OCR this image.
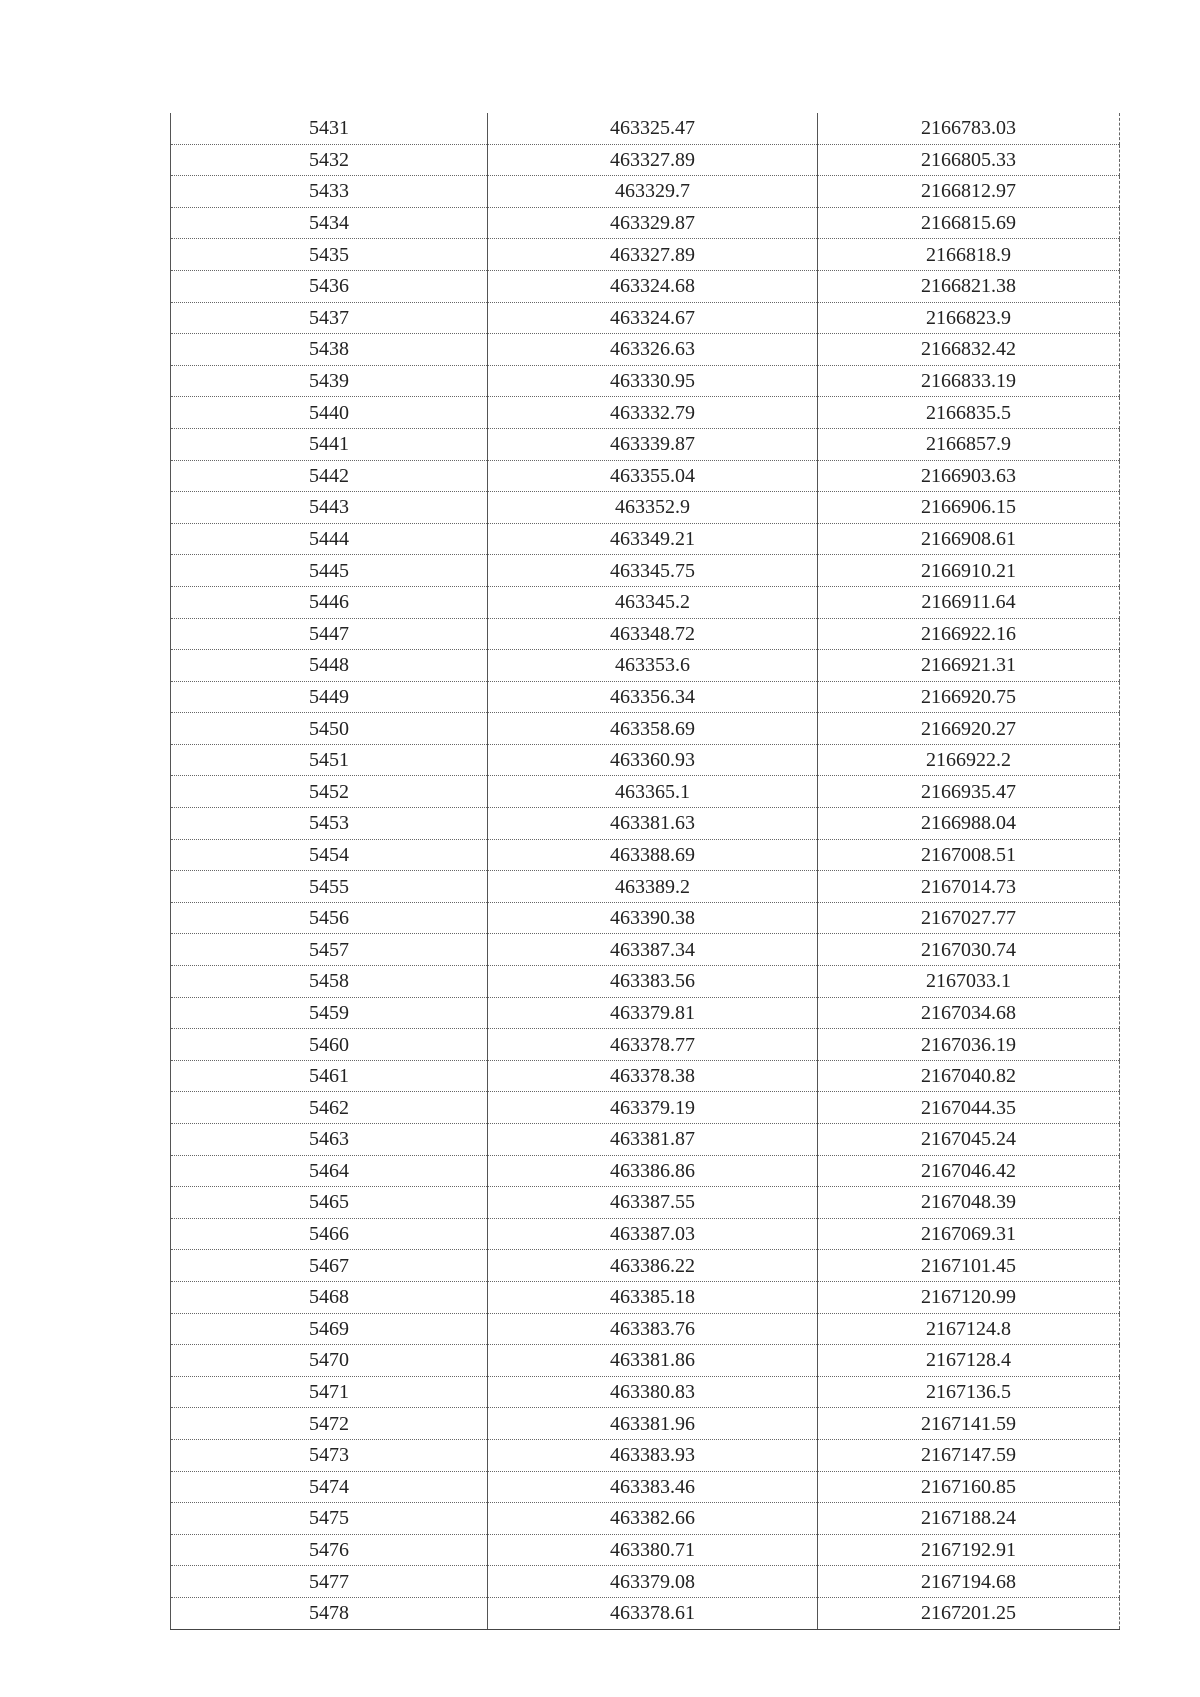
5431	463325.47	2166783.03
5432	463327.89	2166805.33
5433	463329.7	2166812.97
5434	463329.87	2166815.69
5435	463327.89	2166818.9
5436	463324.68	2166821.38
5437	463324.67	2166823.9
5438	463326.63	2166832.42
5439	463330.95	2166833.19
5440	463332.79	2166835.5
5441	463339.87	2166857.9
5442	463355.04	2166903.63
5443	463352.9	2166906.15
5444	463349.21	2166908.61
5445	463345.75	2166910.21
5446	463345.2	2166911.64
5447	463348.72	2166922.16
5448	463353.6	2166921.31
5449	463356.34	2166920.75
5450	463358.69	2166920.27
5451	463360.93	2166922.2
5452	463365.1	2166935.47
5453	463381.63	2166988.04
5454	463388.69	2167008.51
5455	463389.2	2167014.73
5456	463390.38	2167027.77
5457	463387.34	2167030.74
5458	463383.56	2167033.1
5459	463379.81	2167034.68
5460	463378.77	2167036.19
5461	463378.38	2167040.82
5462	463379.19	2167044.35
5463	463381.87	2167045.24
5464	463386.86	2167046.42
5465	463387.55	2167048.39
5466	463387.03	2167069.31
5467	463386.22	2167101.45
5468	463385.18	2167120.99
5469	463383.76	2167124.8
5470	463381.86	2167128.4
5471	463380.83	2167136.5
5472	463381.96	2167141.59
5473	463383.93	2167147.59
5474	463383.46	2167160.85
5475	463382.66	2167188.24
5476	463380.71	2167192.91
5477	463379.08	2167194.68
5478	463378.61	2167201.25
